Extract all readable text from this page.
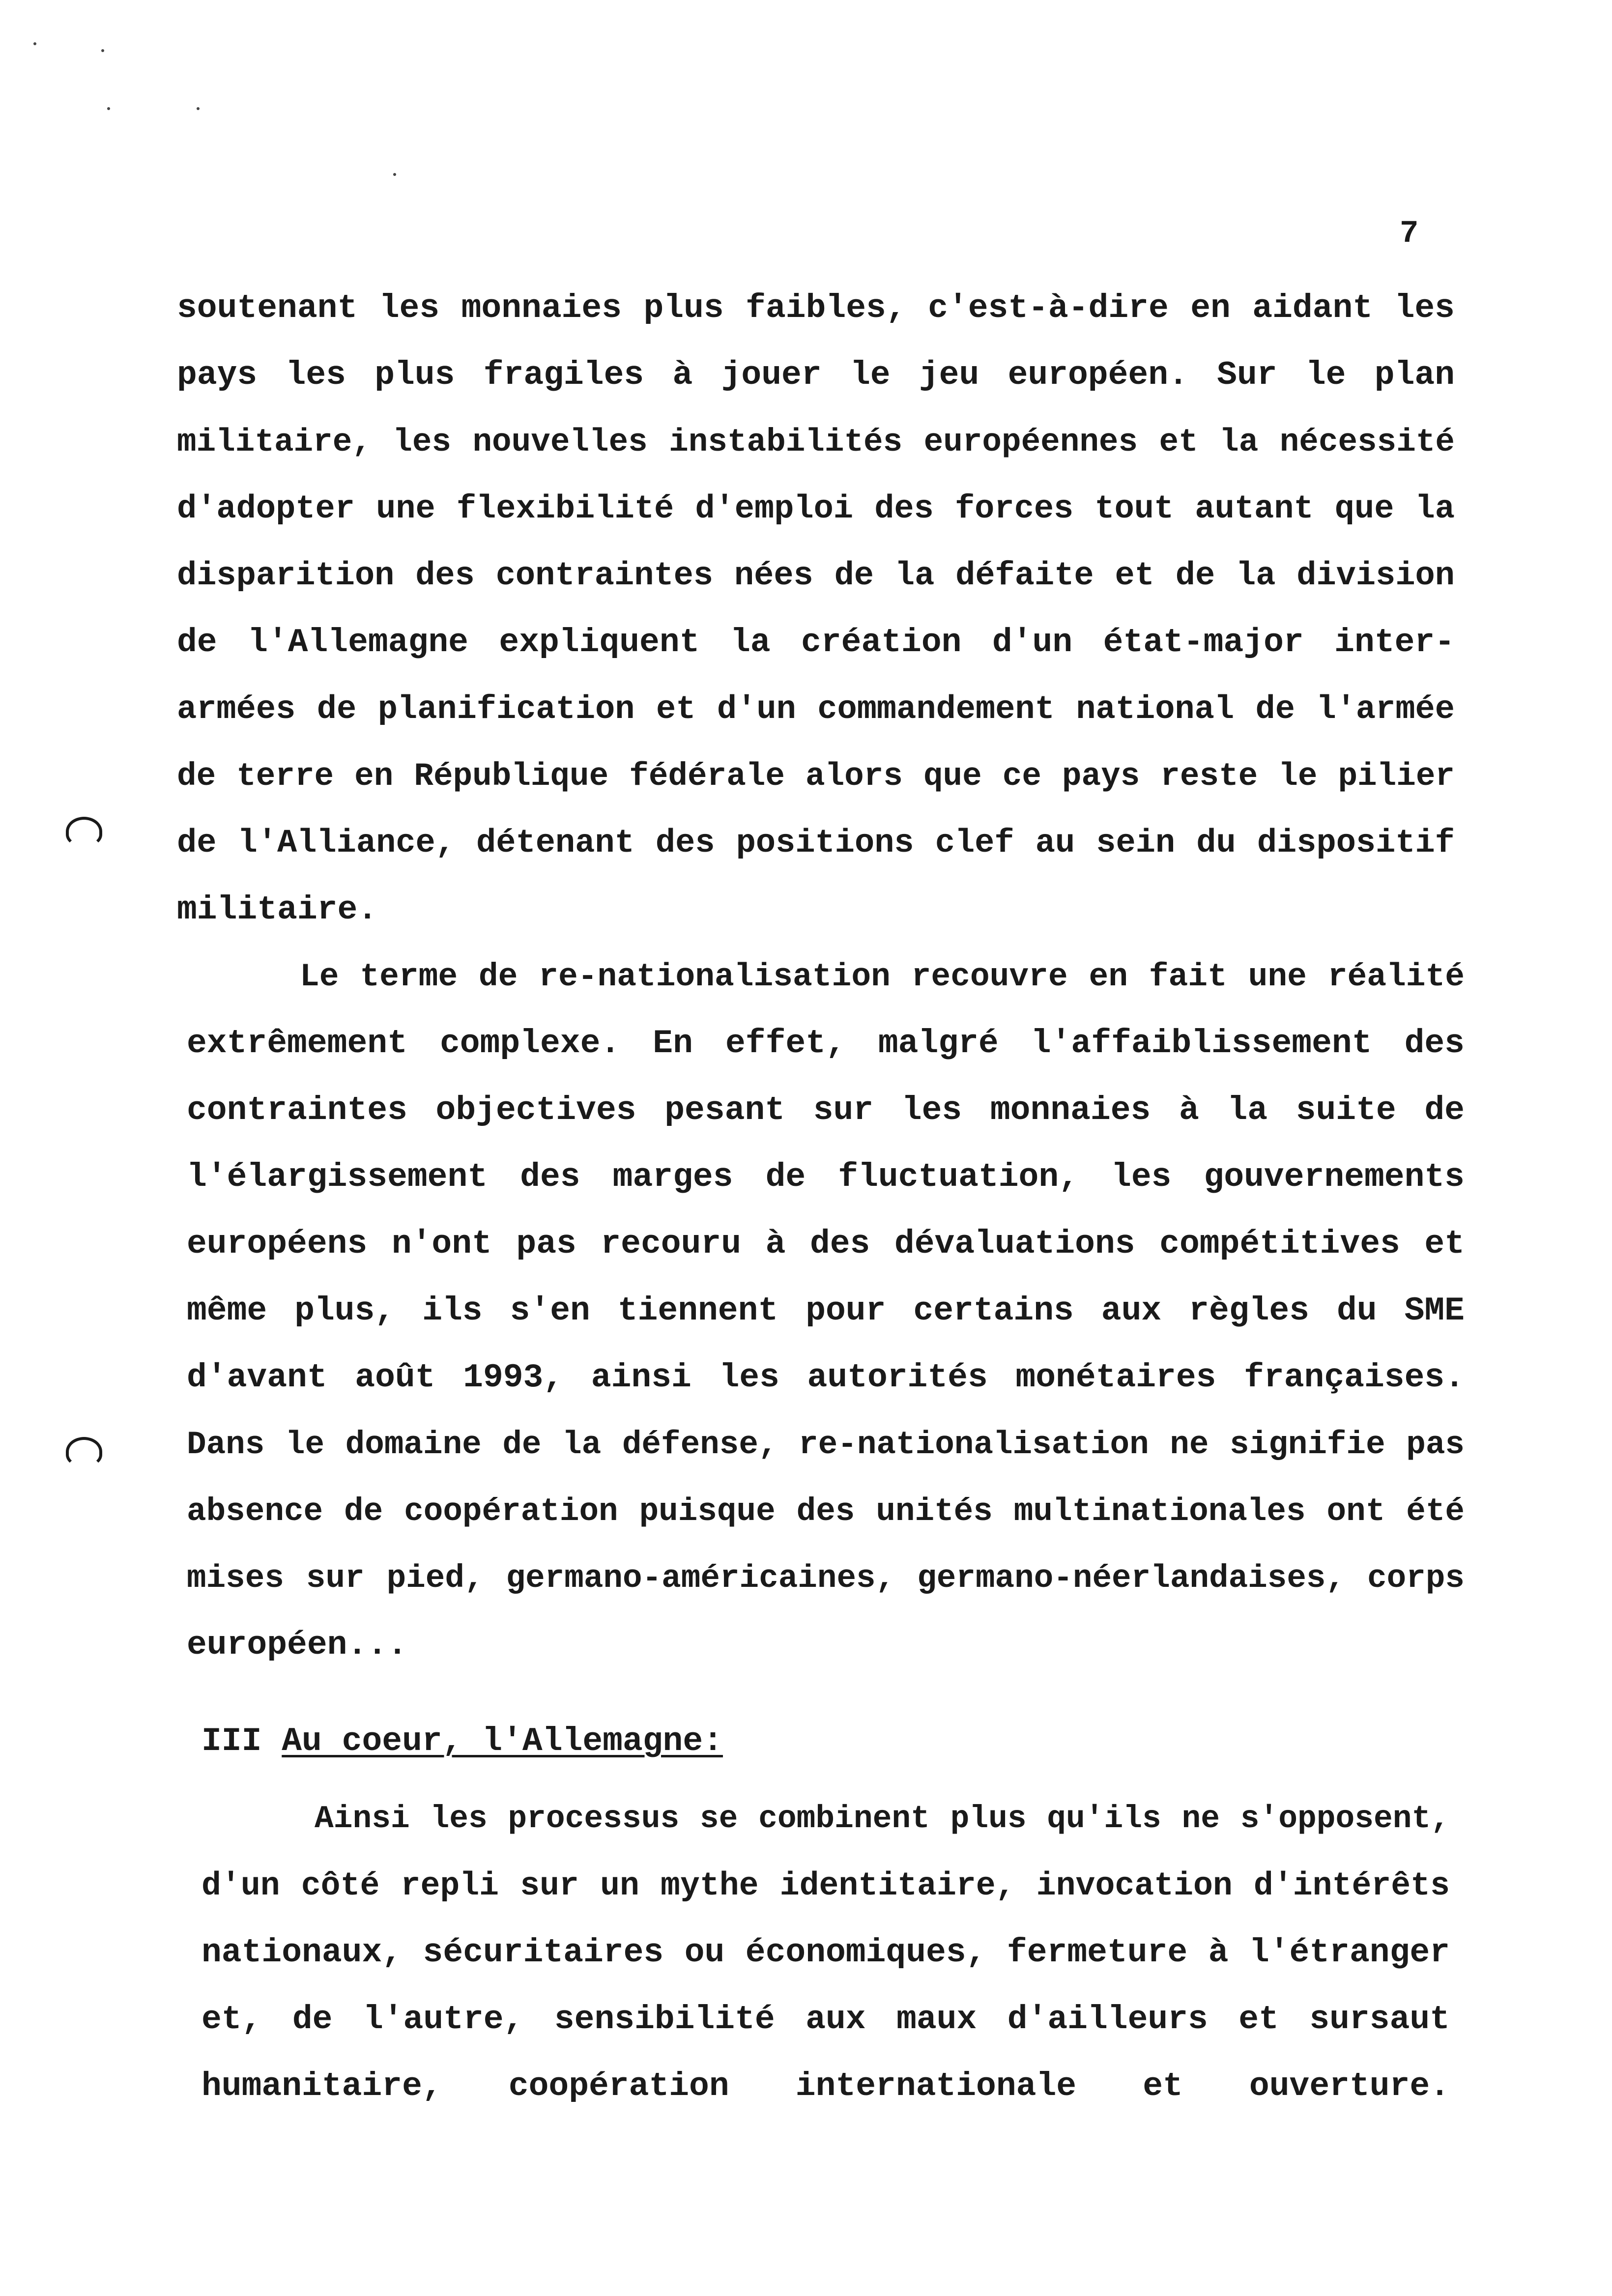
7
soutenant les monnaies plus faibles, c'est-à-dire en aidant les
pays les plus fragiles à jouer le jeu européen. Sur le plan
militaire, les nouvelles instabilités européennes et la nécessité
d'adopter une flexibilité d'emploi des forces tout autant que la
disparition des contraintes nées de la défaite et de la division
de l'Allemagne expliquent la création d'un état-major inter-
armées de planification et d'un commandement national de l'armée
de terre en République fédérale alors que ce pays reste le pilier
de l'Alliance, détenant des positions clef au sein du dispositif
militaire.
Le terme de re-nationalisation recouvre en fait une réalité
extrêmement complexe. En effet, malgré l'affaiblissement des
contraintes objectives pesant sur les monnaies à la suite de
l'élargissement des marges de fluctuation, les gouvernements
européens n'ont pas recouru à des dévaluations compétitives et
même plus, ils s'en tiennent pour certains aux règles du SME
d'avant août 1993, ainsi les autorités monétaires françaises.
Dans le domaine de la défense, re-nationalisation ne signifie pas
absence de coopération puisque des unités multinationales ont été
mises sur pied, germano-américaines, germano-néerlandaises, corps
européen...
III Au coeur, l'Allemagne:
Ainsi les processus se combinent plus qu'ils ne s'opposent,
d'un côté repli sur un mythe identitaire, invocation d'intérêts
nationaux, sécuritaires ou économiques, fermeture à l'étranger
et, de l'autre, sensibilité aux maux d'ailleurs et sursaut
humanitaire, coopération internationale et ouverture.
